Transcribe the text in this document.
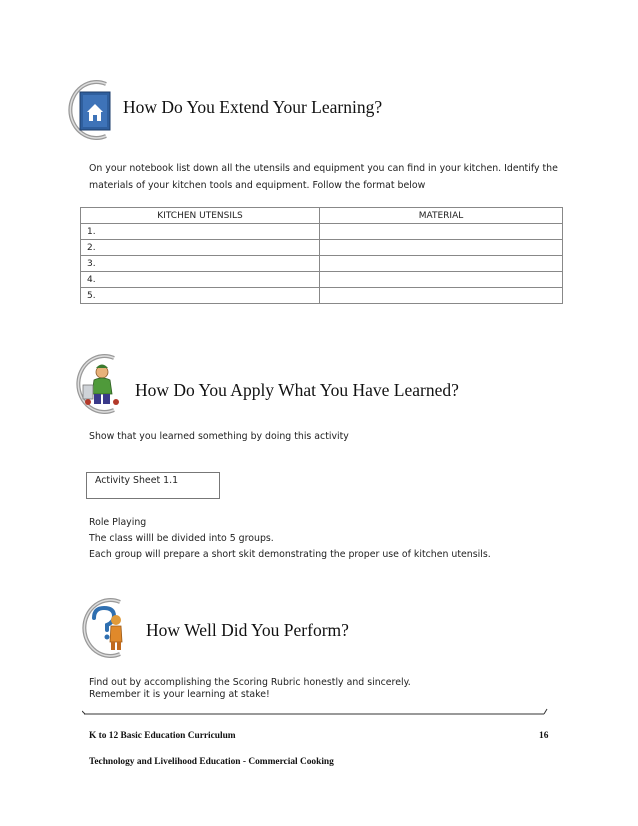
How Do You Extend Your Learning?
On your notebook list down all the utensils and equipment you can find in your kitchen. Identify the
materials of your kitchen tools and equipment. Follow the format below
KITCHEN UTENSILS	MATERIAL
1.	
2.	
3.	
4.	
5.	
How Do You Apply What You Have Learned?
Show that you learned something by doing this activity
Activity Sheet 1.1
Role Playing
The class willl be divided into 5 groups.
Each group will prepare a short skit demonstrating the proper use of kitchen utensils.
How Well Did You Perform?
Find out by accomplishing the Scoring Rubric honestly and sincerely.
Remember it is your learning at stake!
K to 12 Basic Education Curriculum	16
Technology and Livelihood Education - Commercial Cooking
